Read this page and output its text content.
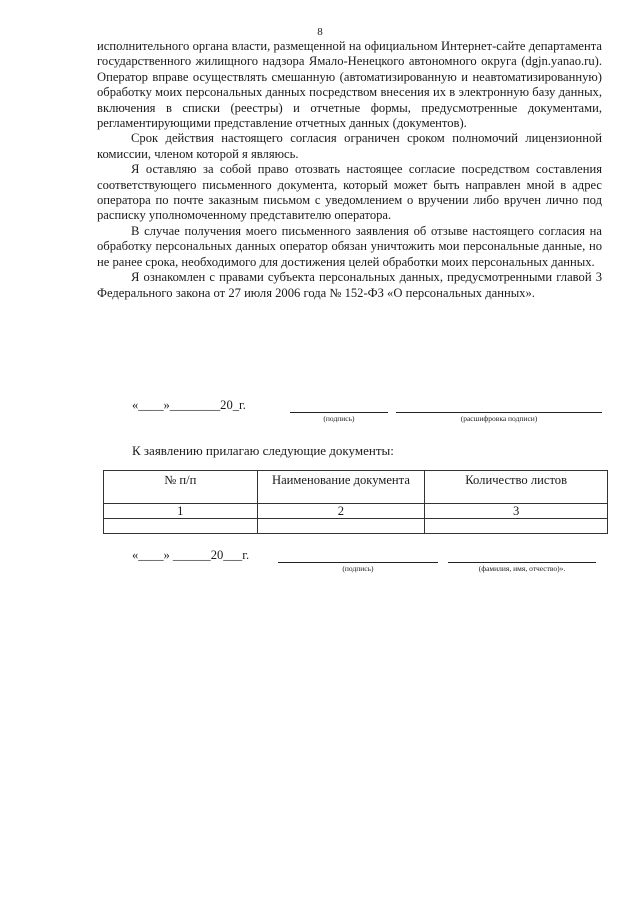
8

исполнительного органа власти, размещенной на официальном Интернет-сайте департамента государственного жилищного надзора Ямало-Ненецкого автономного округа (dgjn.yanao.ru). Оператор вправе осуществлять смешанную (автоматизированную и неавтоматизированную) обработку моих персональных данных посредством внесения их в электронную базу данных, включения в списки (реестры) и отчетные формы, предусмотренные документами, регламентирующими представление отчетных данных (документов).

Срок действия настоящего согласия ограничен сроком полномочий лицензионной комиссии, членом которой я являюсь.

Я оставляю за собой право отозвать настоящее согласие посредством составления соответствующего письменного документа, который может быть направлен мной в адрес оператора по почте заказным письмом с уведомлением о вручении либо вручен лично под расписку уполномоченному представителю оператора.

В случае получения моего письменного заявления об отзыве настоящего согласия на обработку персональных данных оператор обязан уничтожить мои персональные данные, но не ранее срока, необходимого для достижения целей обработки моих персональных данных.

Я ознакомлен с правами субъекта персональных данных, предусмотренными главой 3 Федерального закона от 27 июля 2006 года № 152-ФЗ «О персональных данных».

«____»________20_г.
(подпись)	(расшифровка подписи)
К заявлению прилагаю следующие документы:
№ п/п	Наименование документа	Количество листов
1	2	3

«____» ______20___г.
(подпись)	(фамилия, имя, отчество)».
